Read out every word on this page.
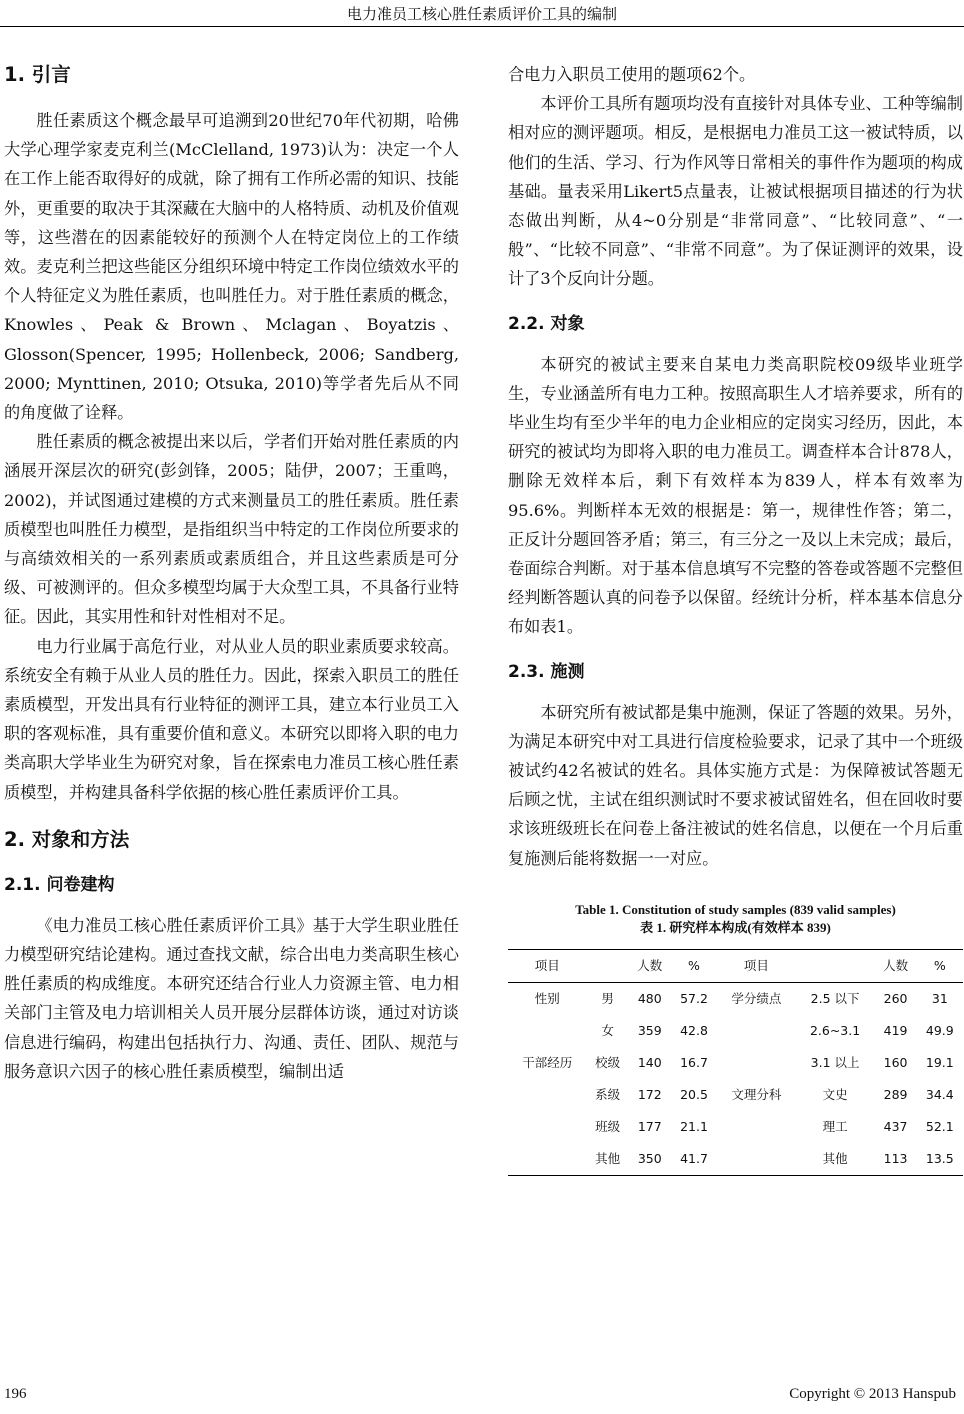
电力准员工核心胜任素质评价工具的编制
1. 引言

胜任素质这个概念最早可追溯到20世纪70年代初期，哈佛大学心理学家麦克利兰(McClelland, 1973)认为：决定一个人在工作上能否取得好的成就，除了拥有工作所必需的知识、技能外，更重要的取决于其深藏在大脑中的人格特质、动机及价值观等，这些潜在的因素能较好的预测个人在特定岗位上的工作绩效。麦克利兰把这些能区分组织环境中特定工作岗位绩效水平的个人特征定义为胜任素质，也叫胜任力。对于胜任素质的概念，Knowles、Peak & Brown、Mclagan、Boyatzis、Glosson(Spencer, 1995; Hollenbeck, 2006; Sandberg, 2000; Mynttinen, 2010; Otsuka, 2010)等学者先后从不同的角度做了诠释。

胜任素质的概念被提出来以后，学者们开始对胜任素质的内涵展开深层次的研究(彭剑锋，2005；陆伊，2007；王重鸣，2002)，并试图通过建模的方式来测量员工的胜任素质。胜任素质模型也叫胜任力模型，是指组织当中特定的工作岗位所要求的与高绩效相关的一系列素质或素质组合，并且这些素质是可分级、可被测评的。但众多模型均属于大众型工具，不具备行业特征。因此，其实用性和针对性相对不足。

电力行业属于高危行业，对从业人员的职业素质要求较高。系统安全有赖于从业人员的胜任力。因此，探索入职员工的胜任素质模型，开发出具有行业特征的测评工具，建立本行业员工入职的客观标准，具有重要价值和意义。本研究以即将入职的电力类高职大学毕业生为研究对象，旨在探索电力准员工核心胜任素质模型，并构建具备科学依据的核心胜任素质评价工具。

2. 对象和方法
2.1. 问卷建构

《电力准员工核心胜任素质评价工具》基于大学生职业胜任力模型研究结论建构。通过查找文献，综合出电力类高职生核心胜任素质的构成维度。本研究还结合行业人力资源主管、电力相关部门主管及电力培训相关人员开展分层群体访谈，通过对访谈信息进行编码，构建出包括执行力、沟通、责任、团队、规范与服务意识六因子的核心胜任素质模型，编制出适

合电力入职员工使用的题项62个。

本评价工具所有题项均没有直接针对具体专业、工种等编制相对应的测评题项。相反，是根据电力准员工这一被试特质，以他们的生活、学习、行为作风等日常相关的事件作为题项的构成基础。量表采用Likert5点量表，让被试根据项目描述的行为状态做出判断，从4~0分别是“非常同意”、“比较同意”、“一般”、“比较不同意”、“非常不同意”。为了保证测评的效果，设计了3个反向计分题。

2.2. 对象

本研究的被试主要来自某电力类高职院校09级毕业班学生，专业涵盖所有电力工种。按照高职生人才培养要求，所有的毕业生均有至少半年的电力企业相应的定岗实习经历，因此，本研究的被试均为即将入职的电力准员工。调查样本合计878人，删除无效样本后，剩下有效样本为839人，样本有效率为95.6%。判断样本无效的根据是：第一，规律性作答；第二，正反计分题回答矛盾；第三，有三分之一及以上未完成；最后，卷面综合判断。对于基本信息填写不完整的答卷或答题不完整但经判断答题认真的问卷予以保留。经统计分析，样本基本信息分布如表1。

2.3. 施测

本研究所有被试都是集中施测，保证了答题的效果。另外，为满足本研究中对工具进行信度检验要求，记录了其中一个班级被试约42名被试的姓名。具体实施方式是：为保障被试答题无后顾之忧，主试在组织测试时不要求被试留姓名，但在回收时要求该班级班长在问卷上备注被试的姓名信息，以便在一个月后重复施测后能将数据一一对应。

Table 1. Constitution of study samples (839 valid samples)
表 1. 研究样本构成(有效样本 839)
项目		人数	%	项目		人数	%
性别	男	480	57.2	学分绩点	2.5 以下	260	31
	女	359	42.8		2.6~3.1	419	49.9
干部经历	校级	140	16.7		3.1 以上	160	19.1
	系级	172	20.5	文理分科	文史	289	34.4
	班级	177	21.1		理工	437	52.1
	其他	350	41.7		其他	113	13.5
196	Copyright © 2013 Hanspub
